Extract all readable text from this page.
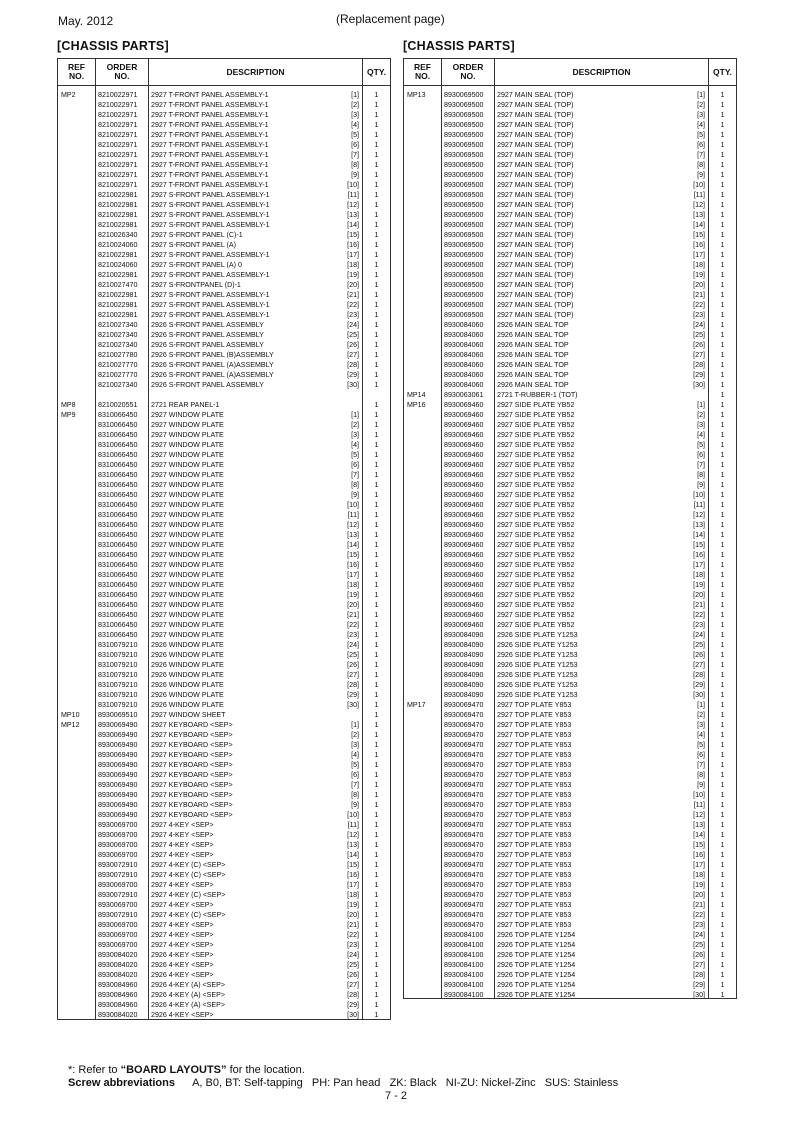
May. 2012	(Replacement page)
[CHASSIS PARTS]	[CHASSIS PARTS]
REF
NO.
ORDER
NO.	DESCRIPTION	QTY.
MP2	8210022971	2927 T-FRONT PANEL ASSEMBLY-1	[1]	1
8210022971	2927 T-FRONT PANEL ASSEMBLY-1	[2]	1
8210022971	2927 T-FRONT PANEL ASSEMBLY-1	[3]	1
8210022971	2927 T-FRONT PANEL ASSEMBLY-1	[4]	1
8210022971	2927 T-FRONT PANEL ASSEMBLY-1	[5]	1
8210022971	2927 T-FRONT PANEL ASSEMBLY-1	[6]	1
8210022971	2927 T-FRONT PANEL ASSEMBLY-1	[7]	1
8210022971	2927 T-FRONT PANEL ASSEMBLY-1	[8]	1
8210022971	2927 T-FRONT PANEL ASSEMBLY-1	[9]	1
8210022971	2927 T-FRONT PANEL ASSEMBLY-1	[10]	1
8210022981	2927 S-FRONT PANEL ASSEMBLY-1	[11]	1
8210022981	2927 S-FRONT PANEL ASSEMBLY-1	[12]	1
8210022981	2927 S-FRONT PANEL ASSEMBLY-1	[13]	1
8210022981	2927 S-FRONT PANEL ASSEMBLY-1	[14]	1
8210026340	2927 S-FRONT PANEL (C)-1	[15]	1
8210024060	2927 S-FRONT PANEL (A)	[16]	1
8210022981	2927 S-FRONT PANEL ASSEMBLY-1	[17]	1
8210024060	2927 S-FRONT PANEL (A) 0	[18]	1
8210022981	2927 S-FRONT PANEL ASSEMBLY-1	[19]	1
8210027470	2927 S-FRONTPANEL (D)-1	[20]	1
8210022981	2927 S-FRONT PANEL ASSEMBLY-1	[21]	1
8210022981	2927 S-FRONT PANEL ASSEMBLY-1	[22]	1
8210022981	2927 S-FRONT PANEL ASSEMBLY-1	[23]	1
8210027340	2926 S-FRONT PANEL ASSEMBLY	[24]	1
8210027340	2926 S-FRONT PANEL ASSEMBLY	[25]	1
8210027340	2926 S-FRONT PANEL ASSEMBLY	[26]	1
8210027780	2926 S-FRONT PANEL (B)ASSEMBLY	[27]	1
8210027770	2926 S-FRONT PANEL (A)ASSEMBLY	[28]	1
8210027770	2926 S-FRONT PANEL (A)ASSEMBLY	[29]	1
8210027340	2926 S-FRONT PANEL ASSEMBLY	[30]	1
MP8	8210020551	2721 REAR PANEL-1	1
MP9	8310066450	2927 WINDOW PLATE	[1]	1
8310066450	2927 WINDOW PLATE	[2]	1
8310066450	2927 WINDOW PLATE	[3]	1
8310066450	2927 WINDOW PLATE	[4]	1
8310066450	2927 WINDOW PLATE	[5]	1
8310066450	2927 WINDOW PLATE	[6]	1
8310066450	2927 WINDOW PLATE	[7]	1
8310066450	2927 WINDOW PLATE	[8]	1
8310066450	2927 WINDOW PLATE	[9]	1
8310066450	2927 WINDOW PLATE	[10]	1
8310066450	2927 WINDOW PLATE	[11]	1
8310066450	2927 WINDOW PLATE	[12]	1
8310066450	2927 WINDOW PLATE	[13]	1
8310066450	2927 WINDOW PLATE	[14]	1
8310066450	2927 WINDOW PLATE	[15]	1
8310066450	2927 WINDOW PLATE	[16]	1
8310066450	2927 WINDOW PLATE	[17]	1
8310066450	2927 WINDOW PLATE	[18]	1
8310066450	2927 WINDOW PLATE	[19]	1
8310066450	2927 WINDOW PLATE	[20]	1
8310066450	2927 WINDOW PLATE	[21]	1
8310066450	2927 WINDOW PLATE	[22]	1
8310066450	2927 WINDOW PLATE	[23]	1
8310079210	2926 WINDOW PLATE	[24]	1
8310079210	2926 WINDOW PLATE	[25]	1
8310079210	2926 WINDOW PLATE	[26]	1
8310079210	2926 WINDOW PLATE	[27]	1
8310079210	2926 WINDOW PLATE	[28]	1
8310079210	2926 WINDOW PLATE	[29]	1
8310079210	2926 WINDOW PLATE	[30]	1
MP10	8930069510	2927 WINDOW SHEET	1
MP12	8930069490	2927 KEYBOARD <SEP>	[1]	1
8930069490	2927 KEYBOARD <SEP>	[2]	1
8930069490	2927 KEYBOARD <SEP>	[3]	1
8930069490	2927 KEYBOARD <SEP>	[4]	1
8930069490	2927 KEYBOARD <SEP>	[5]	1
8930069490	2927 KEYBOARD <SEP>	[6]	1
8930069490	2927 KEYBOARD <SEP>	[7]	1
8930069490	2927 KEYBOARD <SEP>	[8]	1
8930069490	2927 KEYBOARD <SEP>	[9]	1
8930069490	2927 KEYBOARD <SEP>	[10]	1
8930069700	2927 4-KEY <SEP>	[11]	1
8930069700	2927 4-KEY <SEP>	[12]	1
8930069700	2927 4-KEY <SEP>	[13]	1
8930069700	2927 4-KEY <SEP>	[14]	1
8930072910	2927 4-KEY (C) <SEP>	[15]	1
8930072910	2927 4-KEY (C) <SEP>	[16]	1
8930069700	2927 4-KEY <SEP>	[17]	1
8930072910	2927 4-KEY (C) <SEP>	[18]	1
8930069700	2927 4-KEY <SEP>	[19]	1
8930072910	2927 4-KEY (C) <SEP>	[20]	1
8930069700	2927 4-KEY <SEP>	[21]	1
8930069700	2927 4-KEY <SEP>	[22]	1
8930069700	2927 4-KEY <SEP>	[23]	1
8930084020	2926 4-KEY <SEP>	[24]	1
8930084020	2926 4-KEY <SEP>	[25]	1
8930084020	2926 4-KEY <SEP>	[26]	1
8930084960	2926 4-KEY (A) <SEP>	[27]	1
8930084960	2926 4-KEY (A) <SEP>	[28]	1
8930084960	2926 4-KEY (A) <SEP>	[29]	1
8930084020	2926 4-KEY <SEP>	[30]	1
REF
NO.
ORDER
NO.	DESCRIPTION	QTY.
MP13	8930069500	2927 MAIN SEAL (TOP)	[1]	1
8930069500	2927 MAIN SEAL (TOP)	[2]	1
8930069500	2927 MAIN SEAL (TOP)	[3]	1
8930069500	2927 MAIN SEAL (TOP)	[4]	1
8930069500	2927 MAIN SEAL (TOP)	[5]	1
8930069500	2927 MAIN SEAL (TOP)	[6]	1
8930069500	2927 MAIN SEAL (TOP)	[7]	1
8930069500	2927 MAIN SEAL (TOP)	[8]	1
8930069500	2927 MAIN SEAL (TOP)	[9]	1
8930069500	2927 MAIN SEAL (TOP)	[10]	1
8930069500	2927 MAIN SEAL (TOP)	[11]	1
8930069500	2927 MAIN SEAL (TOP)	[12]	1
8930069500	2927 MAIN SEAL (TOP)	[13]	1
8930069500	2927 MAIN SEAL (TOP)	[14]	1
8930069500	2927 MAIN SEAL (TOP)	[15]	1
8930069500	2927 MAIN SEAL (TOP)	[16]	1
8930069500	2927 MAIN SEAL (TOP)	[17]	1
8930069500	2927 MAIN SEAL (TOP)	[18]	1
8930069500	2927 MAIN SEAL (TOP)	[19]	1
8930069500	2927 MAIN SEAL (TOP)	[20]	1
8930069500	2927 MAIN SEAL (TOP)	[21]	1
8930069500	2927 MAIN SEAL (TOP)	[22]	1
8930069500	2927 MAIN SEAL (TOP)	[23]	1
8930084060	2926 MAIN SEAL TOP	[24]	1
8930084060	2926 MAIN SEAL TOP	[25]	1
8930084060	2926 MAIN SEAL TOP	[26]	1
8930084060	2926 MAIN SEAL TOP	[27]	1
8930084060	2926 MAIN SEAL TOP	[28]	1
8930084060	2926 MAIN SEAL TOP	[29]	1
8930084060	2926 MAIN SEAL TOP	[30]	1
MP14	8930063061	2721 T-RUBBER-1 (TOT)	1
MP16	8930069460	2927 SIDE PLATE YB52	[1]	1
8930069460	2927 SIDE PLATE YB52	[2]	1
8930069460	2927 SIDE PLATE YB52	[3]	1
8930069460	2927 SIDE PLATE YB52	[4]	1
8930069460	2927 SIDE PLATE YB52	[5]	1
8930069460	2927 SIDE PLATE YB52	[6]	1
8930069460	2927 SIDE PLATE YB52	[7]	1
8930069460	2927 SIDE PLATE YB52	[8]	1
8930069460	2927 SIDE PLATE YB52	[9]	1
8930069460	2927 SIDE PLATE YB52	[10]	1
8930069460	2927 SIDE PLATE YB52	[11]	1
8930069460	2927 SIDE PLATE YB52	[12]	1
8930069460	2927 SIDE PLATE YB52	[13]	1
8930069460	2927 SIDE PLATE YB52	[14]	1
8930069460	2927 SIDE PLATE YB52	[15]	1
8930069460	2927 SIDE PLATE YB52	[16]	1
8930069460	2927 SIDE PLATE YB52	[17]	1
8930069460	2927 SIDE PLATE YB52	[18]	1
8930069460	2927 SIDE PLATE YB52	[19]	1
8930069460	2927 SIDE PLATE YB52	[20]	1
8930069460	2927 SIDE PLATE YB52	[21]	1
8930069460	2927 SIDE PLATE YB52	[22]	1
8930069460	2927 SIDE PLATE YB52	[23]	1
8930084090	2926 SIDE PLATE Y1253	[24]	1
8930084090	2926 SIDE PLATE Y1253	[25]	1
8930084090	2926 SIDE PLATE Y1253	[26]	1
8930084090	2926 SIDE PLATE Y1253	[27]	1
8930084090	2926 SIDE PLATE Y1253	[28]	1
8930084090	2926 SIDE PLATE Y1253	[29]	1
8930084090	2926 SIDE PLATE Y1253	[30]	1
MP17	8930069470	2927 TOP PLATE Y853	[1]	1
8930069470	2927 TOP PLATE Y853	[2]	1
8930069470	2927 TOP PLATE Y853	[3]	1
8930069470	2927 TOP PLATE Y853	[4]	1
8930069470	2927 TOP PLATE Y853	[5]	1
8930069470	2927 TOP PLATE Y853	[6]	1
8930069470	2927 TOP PLATE Y853	[7]	1
8930069470	2927 TOP PLATE Y853	[8]	1
8930069470	2927 TOP PLATE Y853	[9]	1
8930069470	2927 TOP PLATE Y853	[10]	1
8930069470	2927 TOP PLATE Y853	[11]	1
8930069470	2927 TOP PLATE Y853	[12]	1
8930069470	2927 TOP PLATE Y853	[13]	1
8930069470	2927 TOP PLATE Y853	[14]	1
8930069470	2927 TOP PLATE Y853	[15]	1
8930069470	2927 TOP PLATE Y853	[16]	1
8930069470	2927 TOP PLATE Y853	[17]	1
8930069470	2927 TOP PLATE Y853	[18]	1
8930069470	2927 TOP PLATE Y853	[19]	1
8930069470	2927 TOP PLATE Y853	[20]	1
8930069470	2927 TOP PLATE Y853	[21]	1
8930069470	2927 TOP PLATE Y853	[22]	1
8930069470	2927 TOP PLATE Y853	[23]	1
8930084100	2926 TOP PLATE Y1254	[24]	1
8930084100	2926 TOP PLATE Y1254	[25]	1
8930084100	2926 TOP PLATE Y1254	[26]	1
8930084100	2926 TOP PLATE Y1254	[27]	1
8930084100	2926 TOP PLATE Y1254	[28]	1
8930084100	2926 TOP PLATE Y1254	[29]	1
8930084100	2926 TOP PLATE Y1254	[30]	1
*: Refer to “BOARD LAYOUTS” for the location.
Screw abbreviations A, B0, BT: Self-tapping   PH: Pan head   ZK: Black   NI-ZU: Nickel-Zinc   SUS: Stainless
7 - 2
